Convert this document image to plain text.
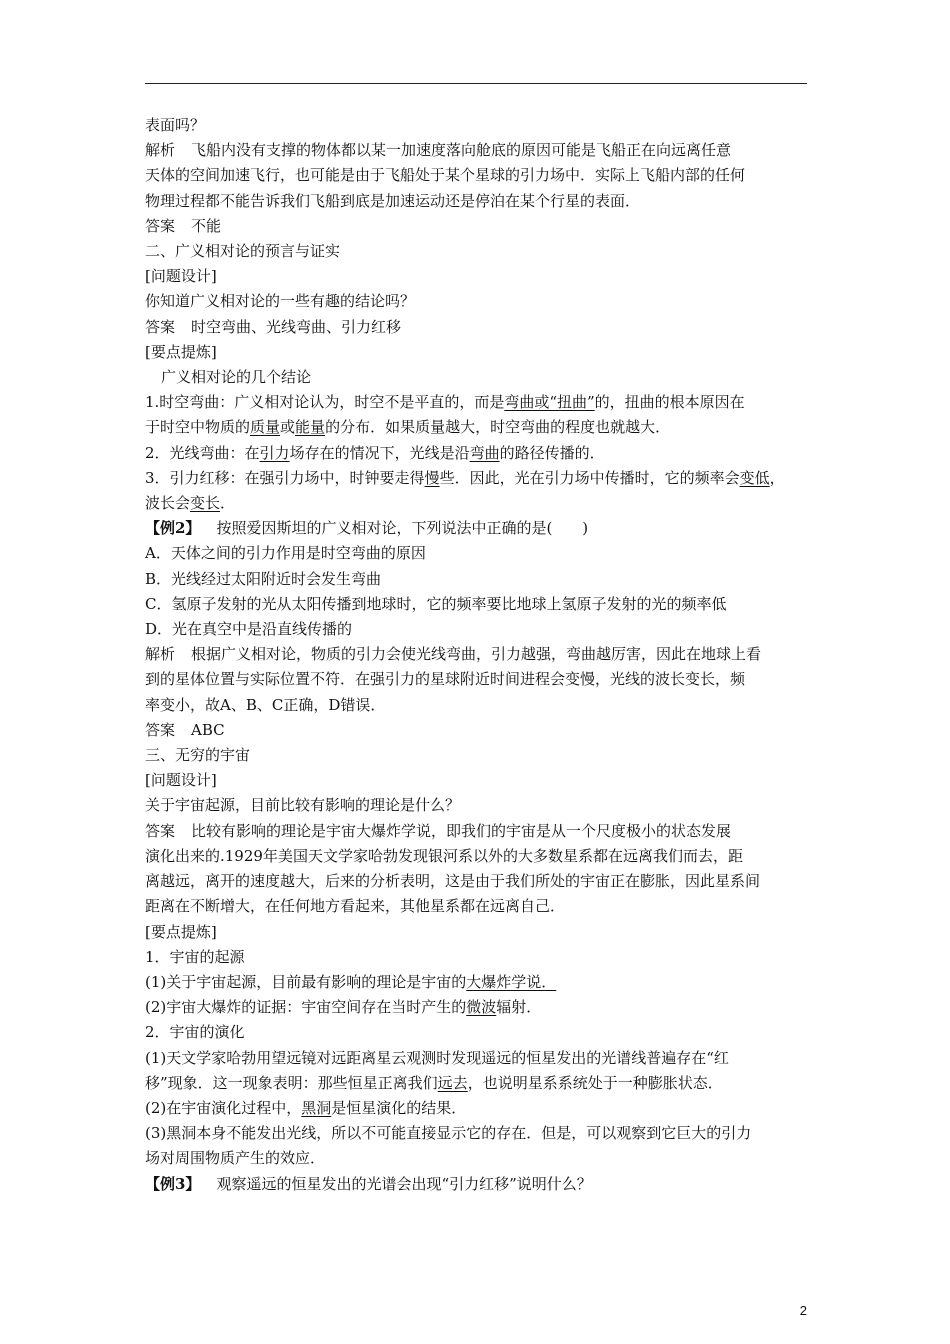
表面吗？
解析 飞船内没有支撑的物体都以某一加速度落向舱底的原因可能是飞船正在向远离任意
天体的空间加速飞行，也可能是由于飞船处于某个星球的引力场中．实际上飞船内部的任何
物理过程都不能告诉我们飞船到底是加速运动还是停泊在某个行星的表面．
答案 不能
二、广义相对论的预言与证实
[问题设计]
你知道广义相对论的一些有趣的结论吗？
答案 时空弯曲、光线弯曲、引力红移
[要点提炼]
广义相对论的几个结论
1.时空弯曲：广义相对论认为，时空不是平直的，而是弯曲或“扭曲”的，扭曲的根本原因在
于时空中物质的质量或能量的分布．如果质量越大，时空弯曲的程度也就越大．
2．光线弯曲：在引力场存在的情况下，光线是沿弯曲的路径传播的．
3．引力红移：在强引力场中，时钟要走得慢些．因此，光在引力场中传播时，它的频率会变低，
波长会变长．
【例2】 按照爱因斯坦的广义相对论，下列说法中正确的是(　　)
A．天体之间的引力作用是时空弯曲的原因
B．光线经过太阳附近时会发生弯曲
C．氢原子发射的光从太阳传播到地球时，它的频率要比地球上氢原子发射的光的频率低
D．光在真空中是沿直线传播的
解析 根据广义相对论，物质的引力会使光线弯曲，引力越强，弯曲越厉害，因此在地球上看
到的星体位置与实际位置不符．在强引力的星球附近时间进程会变慢，光线的波长变长，频
率变小，故A、B、C正确，D错误．
答案 ABC
三、无穷的宇宙
[问题设计]
关于宇宙起源，目前比较有影响的理论是什么？
答案 比较有影响的理论是宇宙大爆炸学说，即我们的宇宙是从一个尺度极小的状态发展
演化出来的.1929年美国天文学家哈勃发现银河系以外的大多数星系都在远离我们而去，距
离越远，离开的速度越大，后来的分析表明，这是由于我们所处的宇宙正在膨胀，因此星系间
距离在不断增大，在任何地方看起来，其他星系都在远离自己．
[要点提炼]
1．宇宙的起源
(1)关于宇宙起源，目前最有影响的理论是宇宙的大爆炸学说．
(2)宇宙大爆炸的证据：宇宙空间存在当时产生的微波辐射．
2．宇宙的演化
(1)天文学家哈勃用望远镜对远距离星云观测时发现遥远的恒星发出的光谱线普遍存在“红
移”现象．这一现象表明：那些恒星正离我们远去，也说明星系系统处于一种膨胀状态．
(2)在宇宙演化过程中，黑洞是恒星演化的结果．
(3)黑洞本身不能发出光线，所以不可能直接显示它的存在．但是，可以观察到它巨大的引力
场对周围物质产生的效应．
【例3】 观察遥远的恒星发出的光谱会出现“引力红移”说明什么？
2
